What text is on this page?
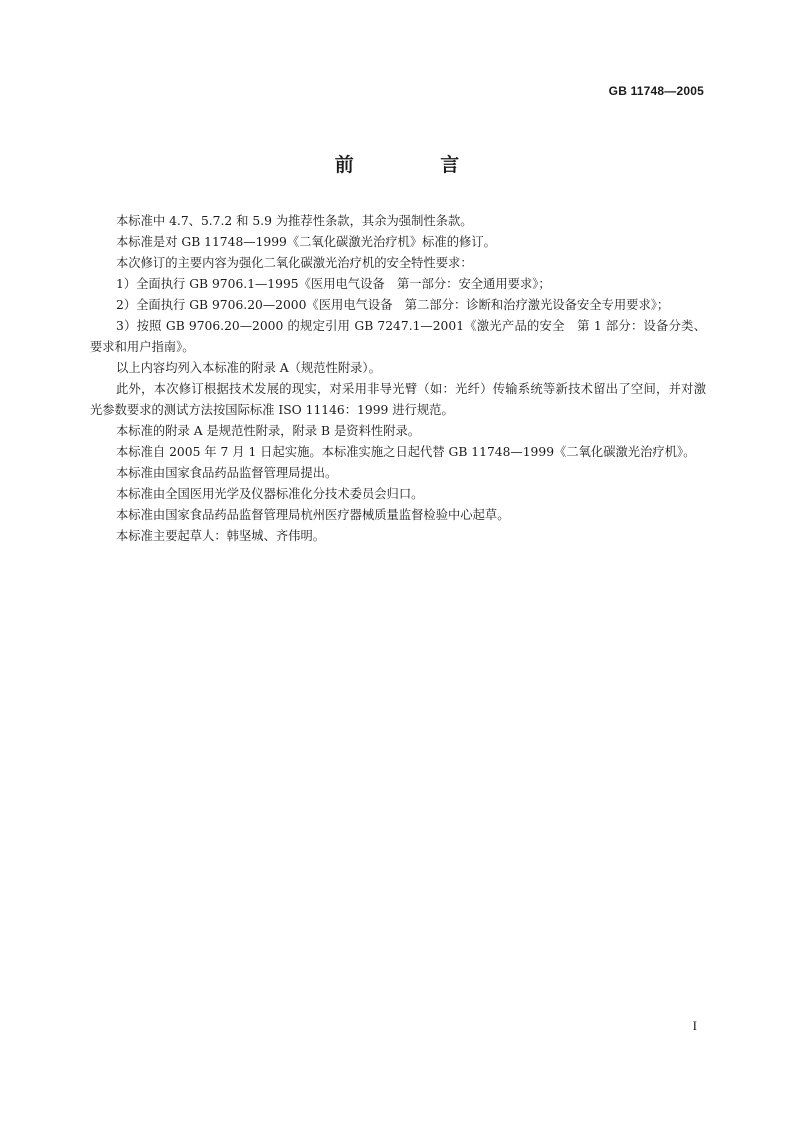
GB 11748—2005
前 言

本标准中 4.7、5.7.2 和 5.9 为推荐性条款，其余为强制性条款。

本标准是对 GB 11748—1999《二氧化碳激光治疗机》标准的修订。

本次修订的主要内容为强化二氧化碳激光治疗机的安全特性要求：

1）全面执行 GB 9706.1—1995《医用电气设备　第一部分：安全通用要求》；

2）全面执行 GB 9706.20—2000《医用电气设备　第二部分：诊断和治疗激光设备安全专用要求》；

3）按照 GB 9706.20—2000 的规定引用 GB 7247.1—2001《激光产品的安全　第 1 部分：设备分类、要求和用户指南》。

以上内容均列入本标准的附录 A（规范性附录）。

此外，本次修订根据技术发展的现实，对采用非导光臂（如：光纤）传输系统等新技术留出了空间，并对激光参数要求的测试方法按国际标准 ISO 11146：1999 进行规范。

本标准的附录 A 是规范性附录，附录 B 是资料性附录。

本标准自 2005 年 7 月 1 日起实施。本标准实施之日起代替 GB 11748—1999《二氧化碳激光治疗机》。

本标准由国家食品药品监督管理局提出。

本标准由全国医用光学及仪器标准化分技术委员会归口。

本标准由国家食品药品监督管理局杭州医疗器械质量监督检验中心起草。

本标准主要起草人：韩坚城、齐伟明。

I
